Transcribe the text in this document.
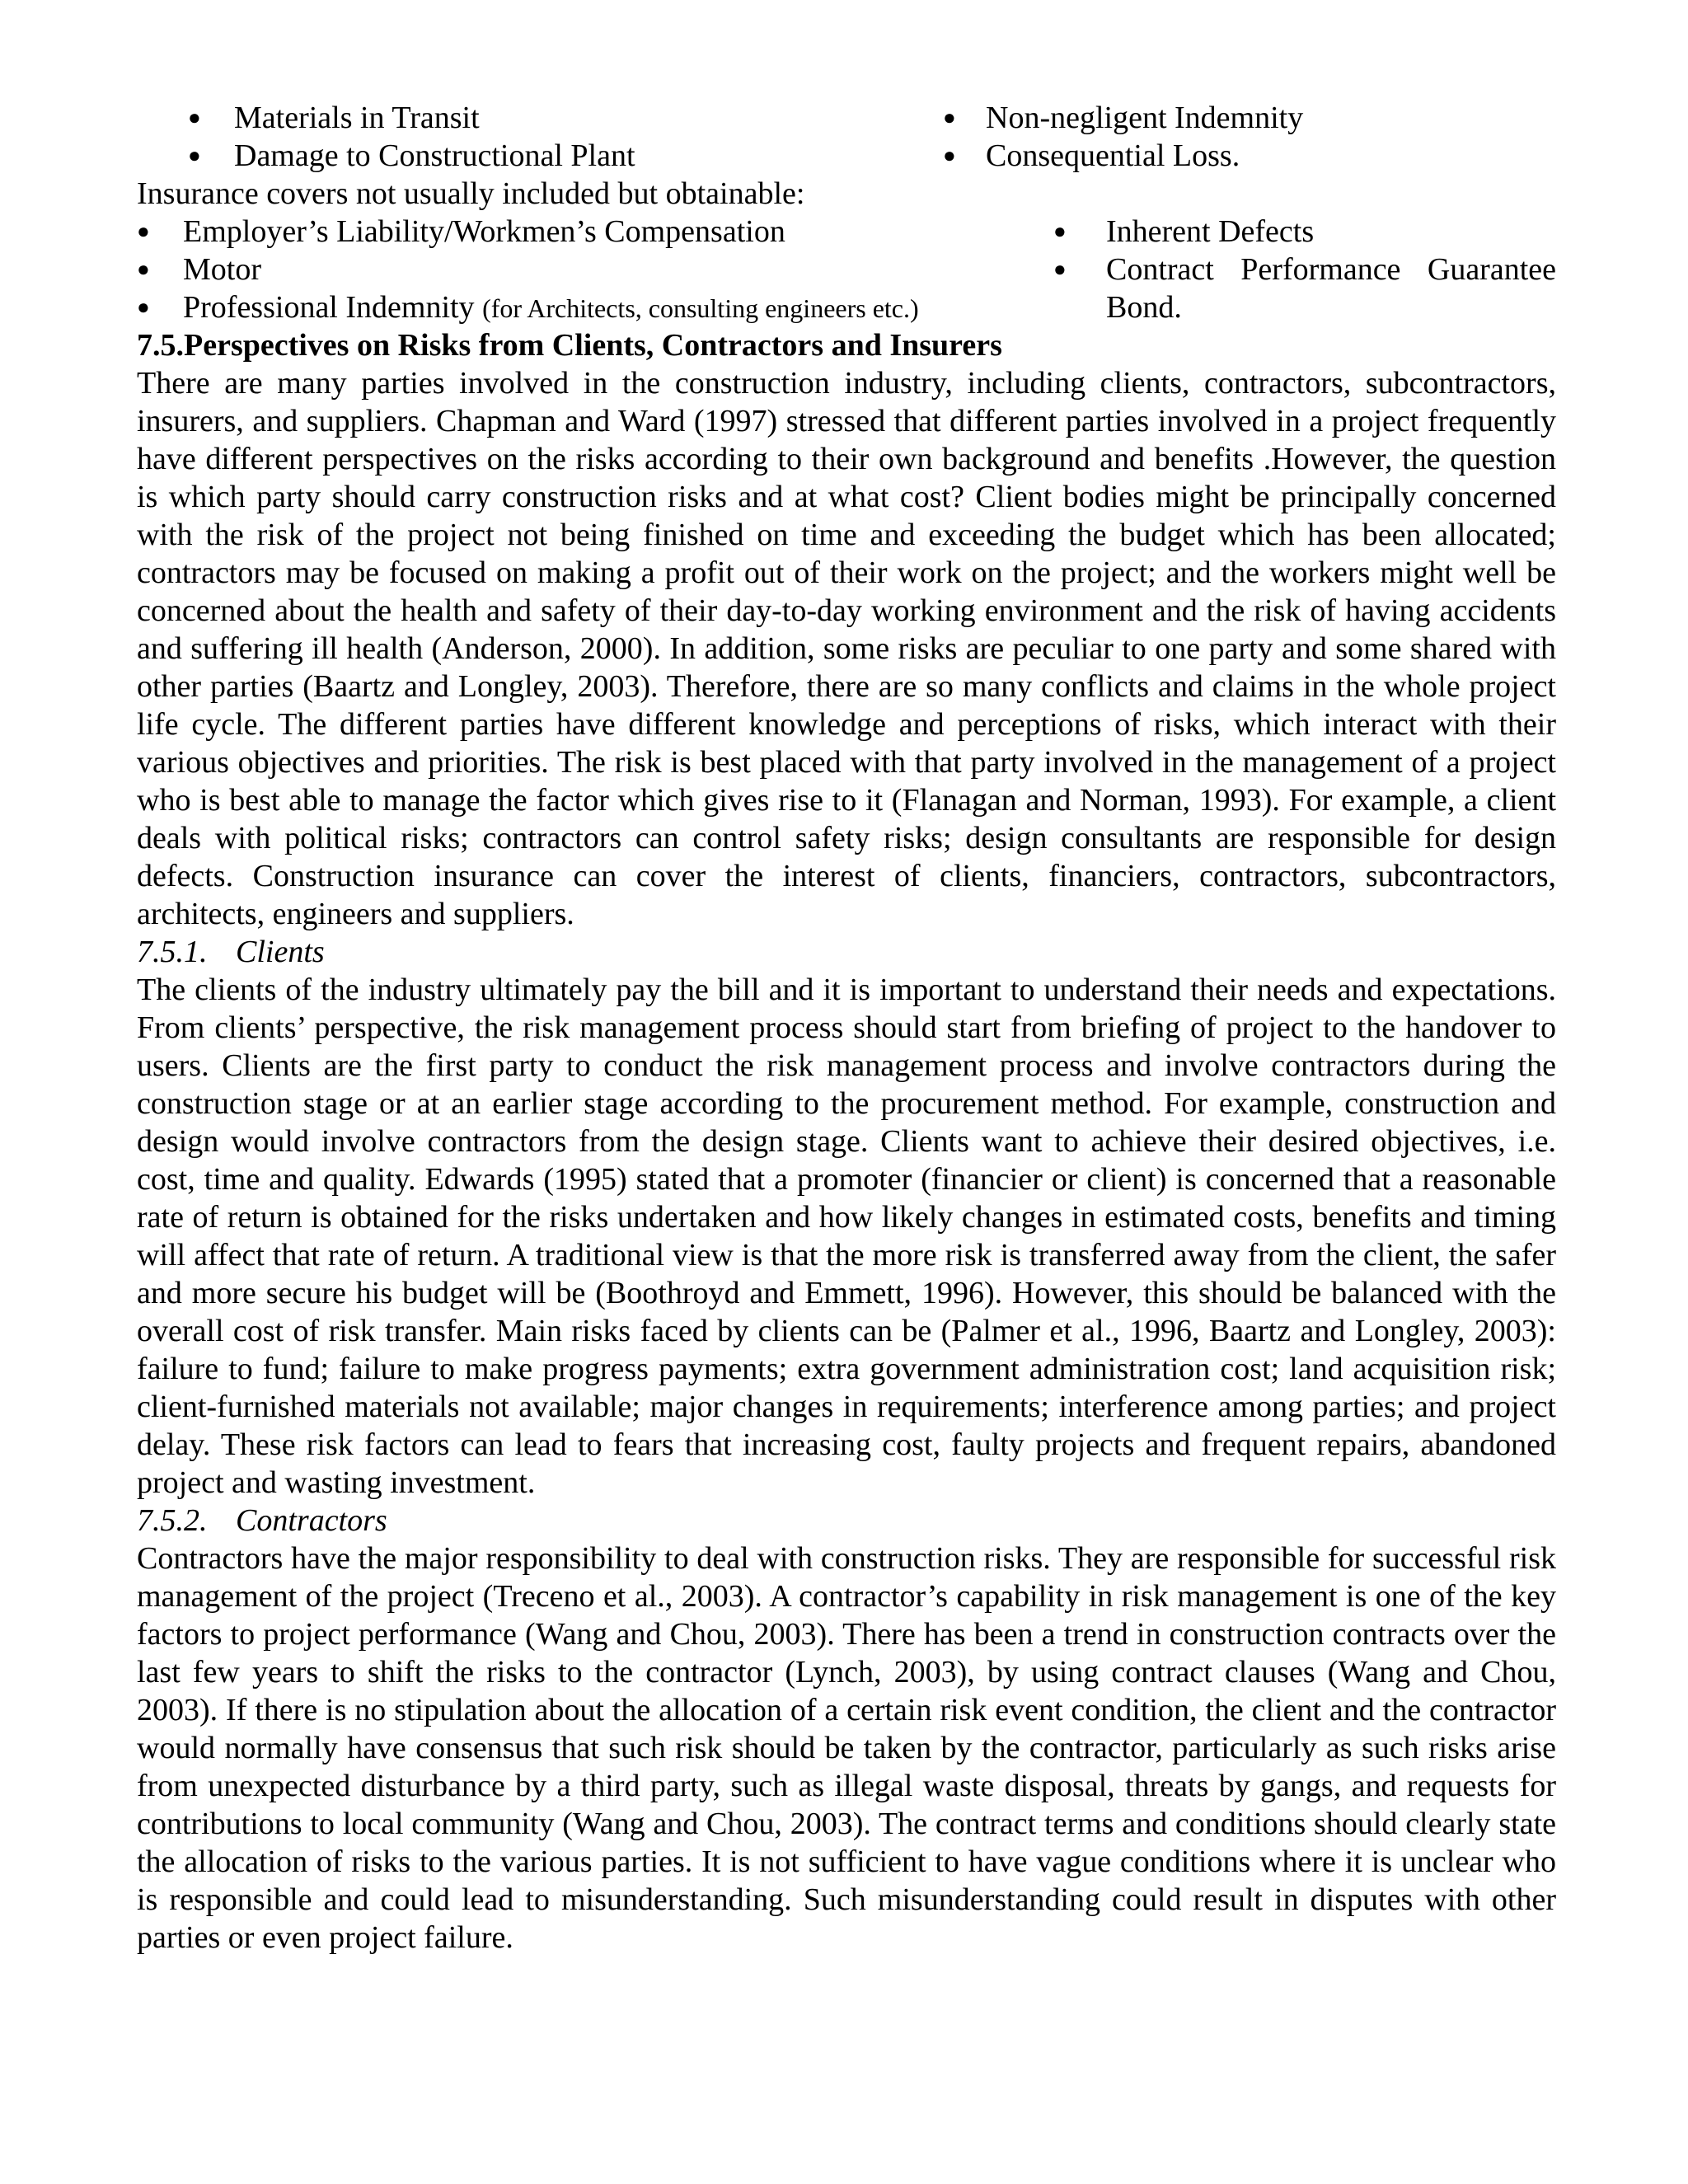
● Materials in Transit
● Damage to Constructional Plant
● Non-negligent Indemnity
● Consequential Loss.
Insurance covers not usually included but obtainable:
● Employer’s Liability/Workmen’s Compensation
● Motor
● Professional Indemnity (for Architects, consulting engineers etc.)
● Inherent Defects
● Contract Performance Guarantee Bond.
7.5.Perspectives on Risks from Clients, Contractors and Insurers

There are many parties involved in the construction industry, including clients, contractors, subcontractors, insurers, and suppliers. Chapman and Ward (1997) stressed that different parties involved in a project frequently have different perspectives on the risks according to their own background and benefits .However, the question is which party should carry construction risks and at what cost? Client bodies might be principally concerned with the risk of the project not being finished on time and exceeding the budget which has been allocated; contractors may be focused on making a profit out of their work on the project; and the workers might well be concerned about the health and safety of their day-to-day working environment and the risk of having accidents and suffering ill health (Anderson, 2000). In addition, some risks are peculiar to one party and some shared with other parties (Baartz and Longley, 2003). Therefore, there are so many conflicts and claims in the whole project life cycle. The different parties have different knowledge and perceptions of risks, which interact with their various objectives and priorities. The risk is best placed with that party involved in the management of a project who is best able to manage the factor which gives rise to it (Flanagan and Norman, 1993). For example, a client deals with political risks; contractors can control safety risks; design consultants are responsible for design defects. Construction insurance can cover the interest of clients, financiers, contractors, subcontractors, architects, engineers and suppliers.

7.5.1. Clients

The clients of the industry ultimately pay the bill and it is important to understand their needs and expectations. From clients’ perspective, the risk management process should start from briefing of project to the handover to users. Clients are the first party to conduct the risk management process and involve contractors during the construction stage or at an earlier stage according to the procurement method. For example, construction and design would involve contractors from the design stage. Clients want to achieve their desired objectives, i.e. cost, time and quality. Edwards (1995) stated that a promoter (financier or client) is concerned that a reasonable rate of return is obtained for the risks undertaken and how likely changes in estimated costs, benefits and timing will affect that rate of return. A traditional view is that the more risk is transferred away from the client, the safer and more secure his budget will be (Boothroyd and Emmett, 1996). However, this should be balanced with the overall cost of risk transfer. Main risks faced by clients can be (Palmer et al., 1996, Baartz and Longley, 2003): failure to fund; failure to make progress payments; extra government administration cost; land acquisition risk; client-furnished materials not available; major changes in requirements; interference among parties; and project delay. These risk factors can lead to fears that increasing cost, faulty projects and frequent repairs, abandoned project and wasting investment.

7.5.2. Contractors

Contractors have the major responsibility to deal with construction risks. They are responsible for successful risk management of the project (Treceno et al., 2003). A contractor’s capability in risk management is one of the key factors to project performance (Wang and Chou, 2003). There has been a trend in construction contracts over the last few years to shift the risks to the contractor (Lynch, 2003), by using contract clauses (Wang and Chou, 2003). If there is no stipulation about the allocation of a certain risk event condition, the client and the contractor would normally have consensus that such risk should be taken by the contractor, particularly as such risks arise from unexpected disturbance by a third party, such as illegal waste disposal, threats by gangs, and requests for contributions to local community (Wang and Chou, 2003). The contract terms and conditions should clearly state the allocation of risks to the various parties. It is not sufficient to have vague conditions where it is unclear who is responsible and could lead to misunderstanding. Such misunderstanding could result in disputes with other parties or even project failure.
